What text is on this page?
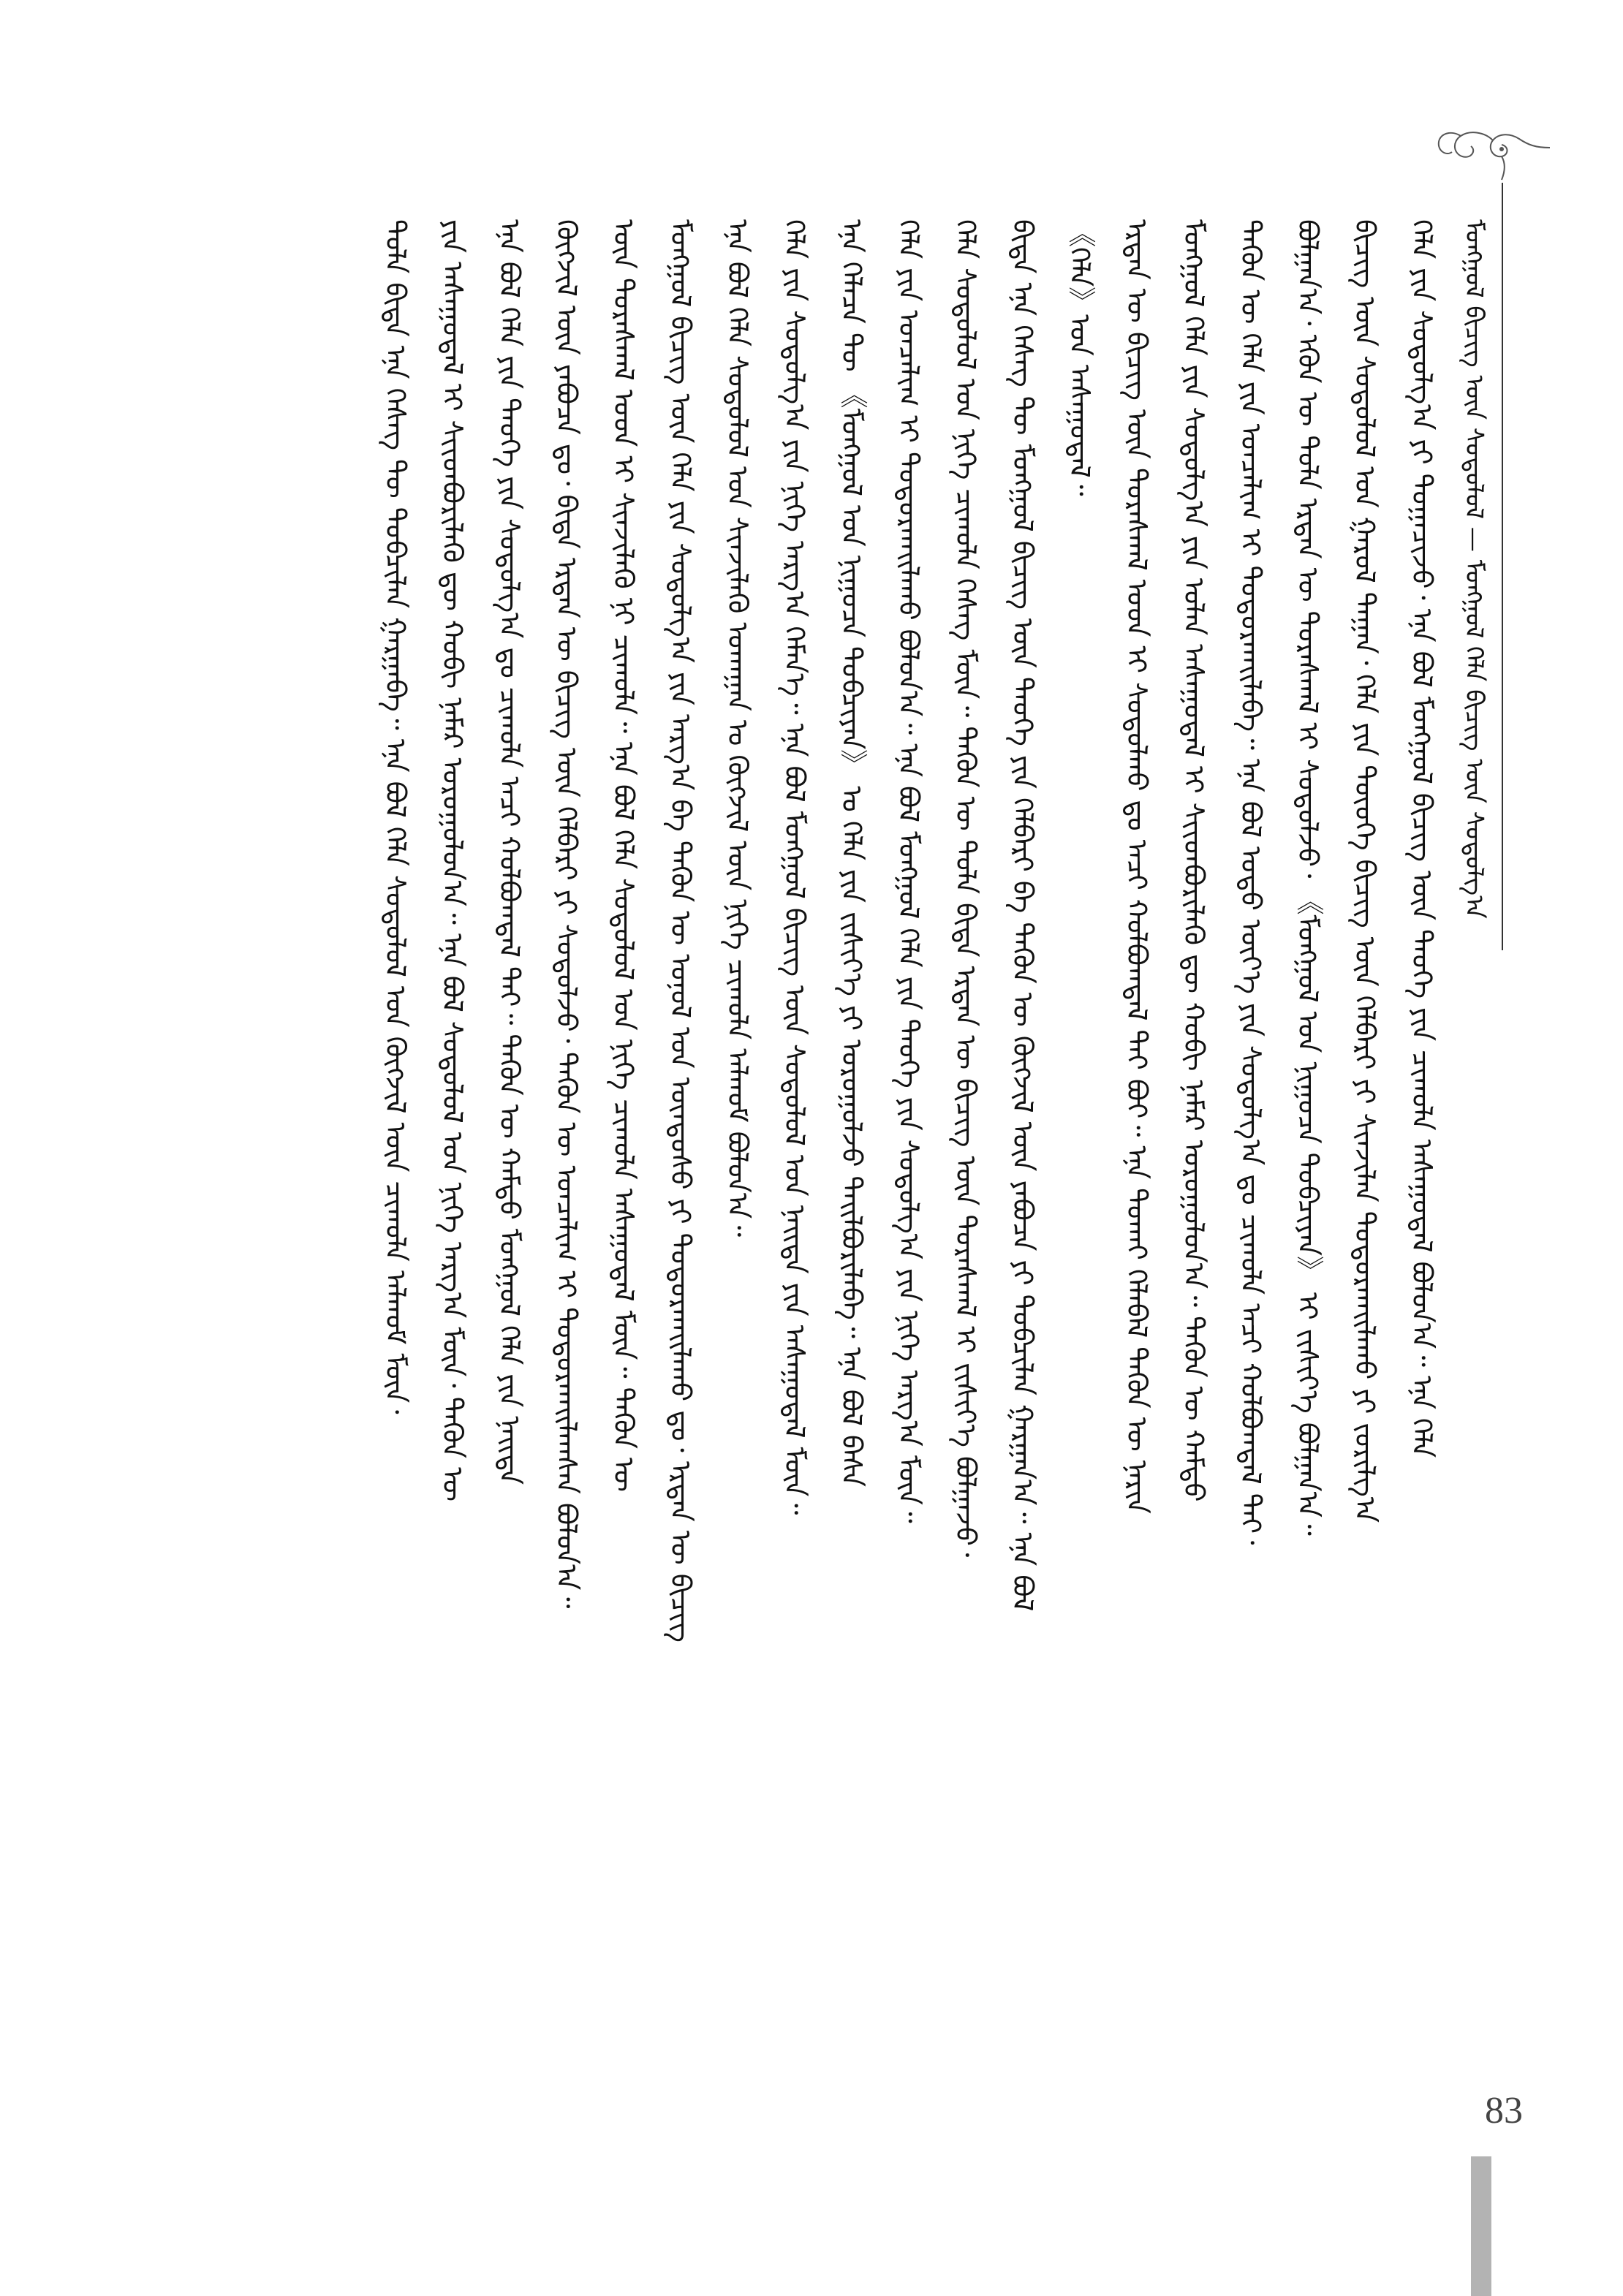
ᠮᠣᠩᠭᠣᠯ ᠪᠢᠴᠢᠭ᠌ ᠦᠨ ᠰᠤᠳᠤᠯᠤᠯ — ᠮᠣᠩᠭᠣᠯ ᠬᠡᠯᠡ ᠪᠢᠴᠢᠭ᠌ ᠦᠨ ᠰᠤᠳᠤᠯᠭ᠎ᠠ
ᠬᠡᠯᠡ ᠶᠢᠨ ᠰᠤᠳᠤᠯᠭ᠎ᠠ ᠶᠢ ᠲᠣᠭᠠᠴᠢᠵᠤ᠂ ᠡᠨᠡ ᠪᠣᠯ ᠮᠣᠩᠭᠣᠯ ᠪᠢᠴᠢᠭ᠌ ᠦᠨ ᠲᠡᠦᠬᠡ ᠶᠢᠨ ᠴᠢᠬᠤᠯᠠ ᠠᠰᠠᠭᠤᠳᠠᠯ ᠪᠣᠯᠤᠨ᠎ᠠ᠃ ᠡᠨᠡ ᠬᠡᠯᠡ
ᠪᠢᠴᠢᠭ᠌ ᠦᠨ ᠰᠤᠳᠤᠯᠤᠯ ᠤᠨ ᠭᠠᠷᠤᠯ ᠳᠠᠭᠠᠨ᠂ ᠬᠡᠯᠡ ᠶᠢᠨ ᠲᠦᠦᠬᠡ ᠪᠢᠴᠢᠭ᠌ ᠦᠨ ᠬᠡᠯᠪᠡᠷᠢ ᠶᠢ ᠰᠢᠨᠵᠢᠯᠡᠨ ᠲᠣᠳᠣᠷᠬᠠᠢᠯᠠᠬᠤ ᠶᠢ ᠵᠣᠷᠢᠯᠭ᠎ᠠ
ᠪᠣᠯᠭᠠᠨ᠎ᠠ᠂ ᠡᠭᠦᠨ ᠦ ᠲᠤᠯᠠ ᠡᠷᠲᠡᠨ ᠦ ᠳᠤᠷᠠᠰᠬᠠᠯ ᠢ ᠰᠤᠳᠤᠯᠵᠤ᠂ 《ᠮᠣᠩᠭᠣᠯ ᠤᠨ ᠨᠢᠭᠤᠴᠠ ᠲᠣᠪᠴᠢᠶᠠᠨ》 ᠢ ᠵᠢᠱᠢᠶ᠎ᠡ ᠪᠣᠯᠭᠠᠨ᠎ᠠ᠃
ᠲᠡᠭᠦᠨ ᠦ ᠬᠡᠯᠡ ᠶᠢᠨ ᠣᠨᠴᠠᠯᠢᠭ ᠢ ᠲᠣᠳᠣᠷᠬᠠᠢᠯᠠᠪᠠ᠃ ᠡᠨᠡ ᠪᠣᠯ ᠣᠳᠣ ᠦᠶ᠎ᠡ ᠶᠢᠨ ᠰᠤᠳᠤᠯᠭ᠎ᠠ ᠳᠤ ᠴᠢᠬᠤᠯᠠ ᠠᠴᠢ ᠬᠤᠯᠪᠣᠭᠳᠠᠯ ᠲᠠᠢ᠂
ᠮᠣᠩᠭᠣᠯ ᠬᠡᠯᠡ ᠶᠢᠨ ᠰᠤᠳᠤᠯᠭ᠎ᠠ ᠶᠢᠨ ᠣᠯᠠᠨ ᠠᠰᠠᠭᠤᠳᠠᠯ ᠢ ᠰᠢᠢᠳᠪᠦᠷᠢᠯᠡᠬᠦ ᠳᠦ ᠬᠤᠪᠢ ᠨᠡᠮᠡᠷ ᠣᠷᠣᠭᠤᠯᠤᠨ᠎ᠠ᠃ ᠲᠡᠭᠦᠨ ᠦ ᠬᠠᠮᠲᠤ
ᠡᠷᠲᠡᠨ ᠦ ᠪᠢᠴᠢᠭ᠌ ᠦᠨ ᠳᠤᠷᠠᠰᠬᠠᠯ ᠤᠳ ᠢ ᠰᠤᠳᠤᠯᠬᠤ ᠳᠤ ᠠᠴᠢ ᠬᠣᠯᠪᠤᠭᠳᠠᠯ ᠲᠠᠢ ᠪᠤᠢ᠃ ᠡᠨᠡ ᠲᠤᠬᠠᠢ ᠬᠡᠯᠡᠪᠡᠯ ᠲᠡᠭᠦᠨ ᠦ ᠨᠠᠷᠢᠨ
《ᠬᠡᠯᠡ》ᠤᠨ ᠠᠰᠠᠭᠤᠳᠠᠯ᠃
ᠪᠢᠳᠡ ᠡᠨᠡ ᠬᠡᠰᠡᠭ ᠲᠦ ᠮᠣᠩᠭᠣᠯ ᠪᠢᠴᠢᠭ᠌ ᠦᠨ ᠲᠡᠦᠬᠡ ᠶᠢᠨ ᠬᠡᠯᠪᠡᠷᠢ ᠪᠠ ᠲᠡᠭᠦᠨ ᠦ ᠬᠥᠭᠵᠢᠯ ᠦᠨ ᠶᠠᠪᠤᠴᠠ ᠶᠢ ᠲᠣᠪᠴᠢᠯᠠᠨ ᠭᠠᠷᠭᠠᠨ᠎ᠠ᠃ ᠡᠨᠡ ᠪᠣᠯ
ᠬᠡᠯᠡ ᠰᠤᠳᠤᠯᠤᠯ ᠤᠨ ᠨᠢᠭᠡ ᠴᠢᠬᠤᠯᠠ ᠬᠡᠰᠡᠭ ᠮᠥᠨ᠃ ᠲᠡᠭᠦᠨ ᠦ ᠲᠤᠯᠠ ᠪᠢᠳᠡ ᠡᠷᠲᠡᠨ ᠦ ᠪᠢᠴᠢᠭ᠌ ᠦᠨ ᠳᠤᠷᠠᠰᠬᠠᠯ ᠢ ᠵᠢᠱᠢᠶ᠎ᠡ ᠪᠣᠯᠭᠠᠵᠤ᠂
ᠬᠡᠯᠡ ᠶᠢᠨ ᠣᠨᠴᠠᠯᠢᠭ ᠢ ᠲᠣᠳᠣᠷᠬᠠᠢᠯᠠᠬᠤ ᠪᠣᠯᠤᠨ᠎ᠠ᠃ ᠡᠨᠡ ᠪᠣᠯ ᠮᠣᠩᠭᠣᠯ ᠬᠡᠯᠡ ᠶᠢᠨ ᠲᠡᠦᠬᠡ ᠶᠢᠨ ᠰᠤᠳᠤᠯᠭ᠎ᠠ ᠶᠢᠨ ᠨᠢᠭᠡ ᠠᠷᠭ᠎ᠠ ᠮᠥᠨ᠃
ᠡᠨᠡ ᠬᠡᠯᠡᠴᠡ ᠲᠦ 《ᠮᠣᠩᠭᠣᠯ ᠤᠨ ᠨᠢᠭᠤᠴᠠ ᠲᠣᠪᠴᠢᠶᠠᠨ》 ᠤ ᠬᠡᠯᠡ ᠶᠢᠨ ᠵᠢᠱᠢᠶ᠎ᠡ ᠶᠢ ᠣᠷᠣᠭᠤᠯᠵᠤ ᠲᠠᠢᠯᠪᠤᠷᠢᠯᠠᠪᠠ᠃ ᠡᠨᠡ ᠪᠣᠯ ᠪᠠᠰᠠ
ᠬᠡᠯᠡ ᠶᠢᠨ ᠰᠤᠳᠤᠯᠭ᠎ᠠ ᠶᠢᠨ ᠨᠢᠭᠡ ᠠᠷᠭ᠎ᠠ ᠬᠡᠮᠡᠨ᠎ᠡ᠃ ᠡᠨᠡ ᠪᠣᠯ ᠮᠣᠩᠭᠣᠯ ᠪᠢᠴᠢᠭ᠌ ᠦᠨ ᠰᠤᠳᠤᠯᠤᠯ ᠤᠨ ᠨᠡᠢᠲᠡ ᠶᠢᠨ ᠠᠰᠠᠭᠤᠳᠠᠯ ᠮᠥᠨ᠃
ᠡᠨᠡ ᠪᠣᠯ ᠬᠡᠯᠡ ᠰᠤᠳᠤᠯᠤᠯ ᠤᠨ ᠰᠢᠨᠵᠢᠯᠡᠬᠦ ᠤᠬᠠᠭᠠᠨ ᠤ ᠬᠥᠭᠵᠢᠯ ᠦᠨ ᠨᠢᠭᠡ ᠴᠢᠬᠤᠯᠠ ᠠᠯᠬᠤᠮ ᠪᠣᠯᠤᠨ᠎ᠠ᠃
ᠮᠣᠩᠭᠣᠯ ᠪᠢᠴᠢᠭ᠌ ᠦᠨ ᠬᠡᠯᠡ ᠶᠢᠨ ᠰᠤᠳᠤᠯᠭ᠎ᠠ ᠶᠢᠨ ᠠᠷᠭ᠎ᠠ ᠪᠠ ᠲᠡᠭᠦᠨ ᠦ ᠣᠨᠣᠯ ᠤᠨ ᠦᠨᠳᠦᠰᠦ ᠶᠢ ᠲᠣᠳᠣᠷᠬᠠᠢᠯᠠᠬᠤ ᠳᠤ᠂ ᠡᠷᠲᠡᠨ ᠦ ᠪᠢᠴᠢᠭ᠌
ᠦᠨ ᠳᠤᠷᠠᠰᠬᠠᠯ ᠤᠳ ᠢ ᠰᠢᠨᠵᠢᠯᠡᠬᠦ ᠨᠢ ᠴᠢᠬᠤᠯᠠ᠃ ᠡᠨᠡ ᠪᠣᠯ ᠬᠡᠯᠡ ᠰᠤᠳᠤᠯᠤᠯ ᠤᠨ ᠨᠢᠭᠡ ᠴᠢᠬᠤᠯᠠ ᠠᠰᠠᠭᠤᠳᠠᠯ ᠮᠥᠨ᠃ ᠲᠡᠭᠦᠨ ᠦ
ᠬᠥᠭᠵᠢᠯ ᠦᠨ ᠶᠠᠪᠤᠴᠠ ᠳᠤ᠂ ᠪᠢᠳᠡ ᠡᠷᠲᠡᠨ ᠦ ᠪᠢᠴᠢᠭ᠌ ᠦᠨ ᠬᠡᠯᠪᠡᠷᠢ ᠶᠢ ᠰᠤᠳᠤᠯᠵᠤ᠂ ᠲᠡᠭᠦᠨ ᠦ ᠣᠨᠴᠠᠯᠢᠭ ᠢ ᠲᠣᠳᠣᠷᠬᠠᠢᠯᠠᠭᠰᠠᠨ ᠪᠣᠯᠤᠨ᠎ᠠ᠃
ᠡᠨᠡ ᠪᠣᠯ ᠬᠡᠯᠡ ᠶᠢᠨ ᠲᠡᠦᠬᠡ ᠶᠢᠨ ᠰᠤᠳᠤᠯᠭ᠎ᠠ ᠳᠤ ᠴᠢᠬᠤᠯᠠ ᠠᠴᠢ ᠬᠣᠯᠪᠤᠭᠳᠠᠯ ᠲᠠᠢ᠃ ᠲᠡᠭᠦᠨ ᠦ ᠬᠠᠮᠲᠤ ᠮᠣᠩᠭᠣᠯ ᠬᠡᠯᠡ ᠶᠢᠨ ᠨᠡᠢᠲᠡ
ᠶᠢᠨ ᠠᠰᠠᠭᠤᠳᠠᠯ ᠢ ᠰᠢᠢᠳᠪᠦᠷᠢᠯᠡᠬᠦ ᠳᠦ ᠬᠤᠪᠢ ᠨᠡᠮᠡᠷ ᠣᠷᠣᠭᠤᠯᠤᠨ᠎ᠠ᠃ ᠡᠨᠡ ᠪᠣᠯ ᠰᠤᠳᠤᠯᠤᠯ ᠤᠨ ᠨᠢᠭᠡ ᠠᠷᠭ᠎ᠠ ᠮᠥᠨ᠂ ᠲᠡᠭᠦᠨ ᠦ
ᠲᠤᠯᠠ ᠪᠢᠳᠡ ᠡᠨᠡ ᠬᠡᠰᠡᠭ ᠲᠦ ᠲᠣᠪᠴᠢᠯᠠᠨ ᠭᠠᠷᠭᠠᠪᠠ᠃ ᠡᠨᠡ ᠪᠣᠯ ᠬᠡᠯᠡ ᠰᠤᠳᠤᠯᠤᠯ ᠤᠨ ᠬᠥᠭᠵᠢᠯ ᠦᠨ ᠴᠢᠬᠤᠯᠠ ᠠᠯᠬᠤᠮ ᠮᠥᠨ᠂
83
